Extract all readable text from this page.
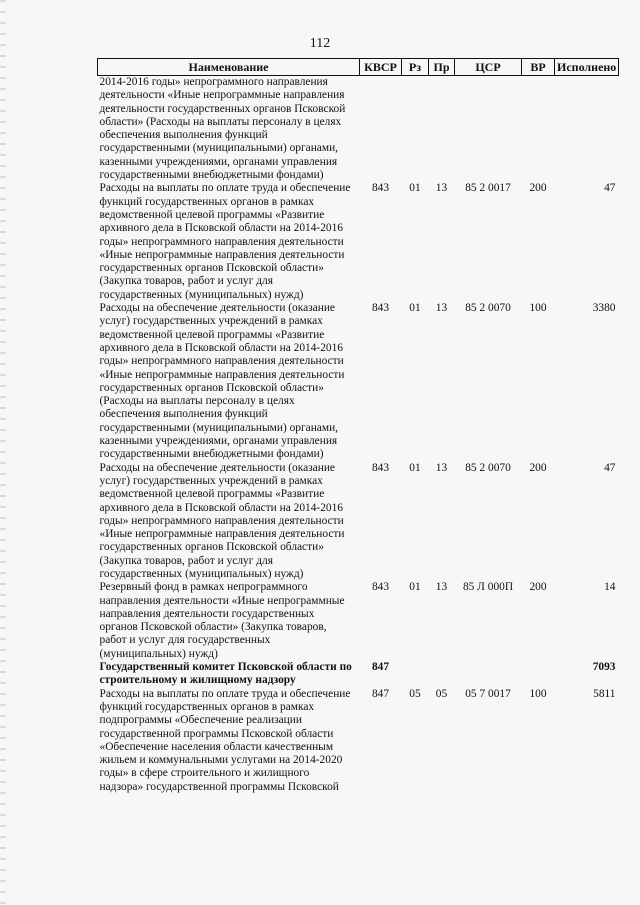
112
Наименование	КВСР	Рз	Пр	ЦСР	ВР	Исполнено
2014-2016 годы» непрограммного направления деятельности «Иные непрограммные направления деятельности государственных органов Псковской области» (Расходы на выплаты персоналу в целях обеспечения выполнения функций государственными (муниципальными) органами, казенными учреждениями, органами управления государственными внебюджетными фондами)						
Расходы на выплаты по оплате труда и обеспечение функций государственных органов в рамках ведомственной целевой программы «Развитие архивного дела в Псковской области на 2014-2016 годы» непрограммного направления деятельности «Иные непрограммные направления деятельности государственных органов Псковской области» (Закупка товаров, работ и услуг для государственных (муниципальных) нужд)	843	01	13	85 2 0017	200	47
Расходы на обеспечение деятельности (оказание услуг) государственных учреждений в рамках ведомственной целевой программы «Развитие архивного дела в Псковской области на 2014-2016 годы» непрограммного направления деятельности «Иные непрограммные направления деятельности государственных органов Псковской области» (Расходы на выплаты персоналу в целях обеспечения выполнения функций государственными (муниципальными) органами, казенными учреждениями, органами управления государственными внебюджетными фондами)	843	01	13	85 2 0070	100	3380
Расходы на обеспечение деятельности (оказание услуг) государственных учреждений в рамках ведомственной целевой программы «Развитие архивного дела в Псковской области на 2014-2016 годы» непрограммного направления деятельности «Иные непрограммные направления деятельности государственных органов Псковской области» (Закупка товаров, работ и услуг для государственных (муниципальных) нужд)	843	01	13	85 2 0070	200	47
Резервный фонд в рамках непрограммного направления деятельности «Иные непрограммные направления деятельности государственных органов Псковской области» (Закупка товаров, работ и услуг для государственных (муниципальных) нужд)	843	01	13	85 Л 000П	200	14
Государственный комитет Псковской области по строительному и жилищному надзору	847					7093
Расходы на выплаты по оплате труда и обеспечение функций государственных органов в рамках подпрограммы «Обеспечение реализации государственной программы Псковской области «Обеспечение населения области качественным жильем и коммунальными услугами на 2014-2020 годы» в сфере строительного и жилищного надзора» государственной программы Псковской	847	05	05	05 7 0017	100	5811
